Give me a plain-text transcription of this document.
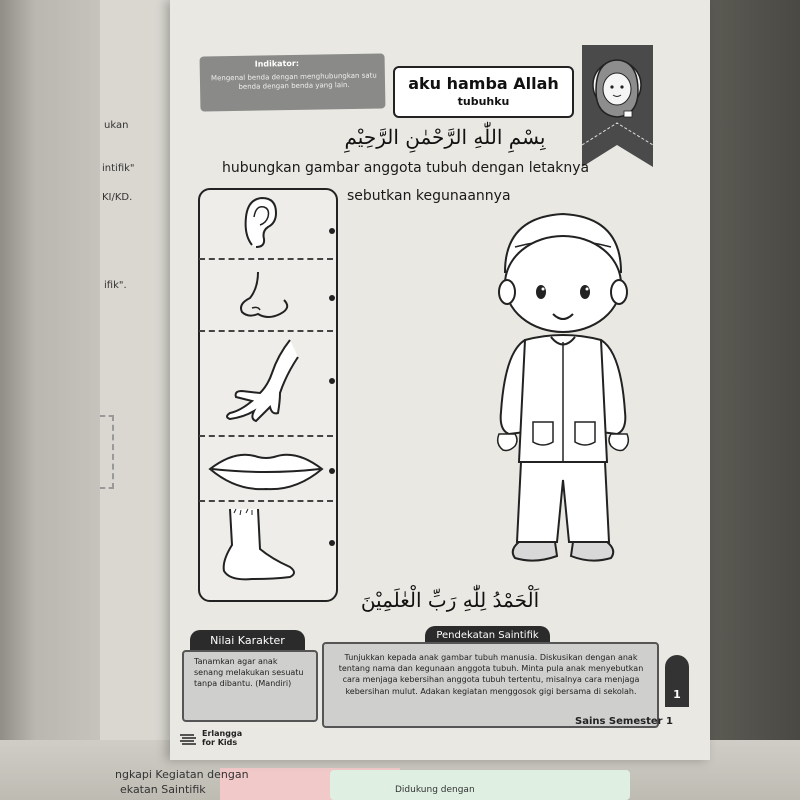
ukan
intifik"
KI/KD.
ifik".
ngkapi Kegiatan dengan
ekatan Saintifik	Didukung dengan
Indikator:
Mengenal benda dengan menghubungkan satu benda dengan benda yang lain.	aku hamba Allah
tubuhku
بِسْمِ اللّٰهِ الرَّحْمٰنِ الرَّحِيْمِ
hubungkan gambar anggota tubuh dengan letaknya
sebutkan kegunaannya
اَلْحَمْدُ لِلّٰهِ رَبِّ الْعٰلَمِيْنَ
Nilai Karakter
Tanamkan agar anak senang melakukan sesuatu tanpa dibantu. (Mandiri)
Pendekatan Saintifik
Tunjukkan kepada anak gambar tubuh manusia. Diskusikan dengan anak tentang nama dan kegunaan anggota tubuh. Minta pula anak menyebutkan cara menjaga kebersihan anggota tubuh tertentu, misalnya cara menjaga kebersihan mulut. Adakan kegiatan menggosok gigi bersama di sekolah.	1
Sains Semester 1
Erlangga
for Kids
